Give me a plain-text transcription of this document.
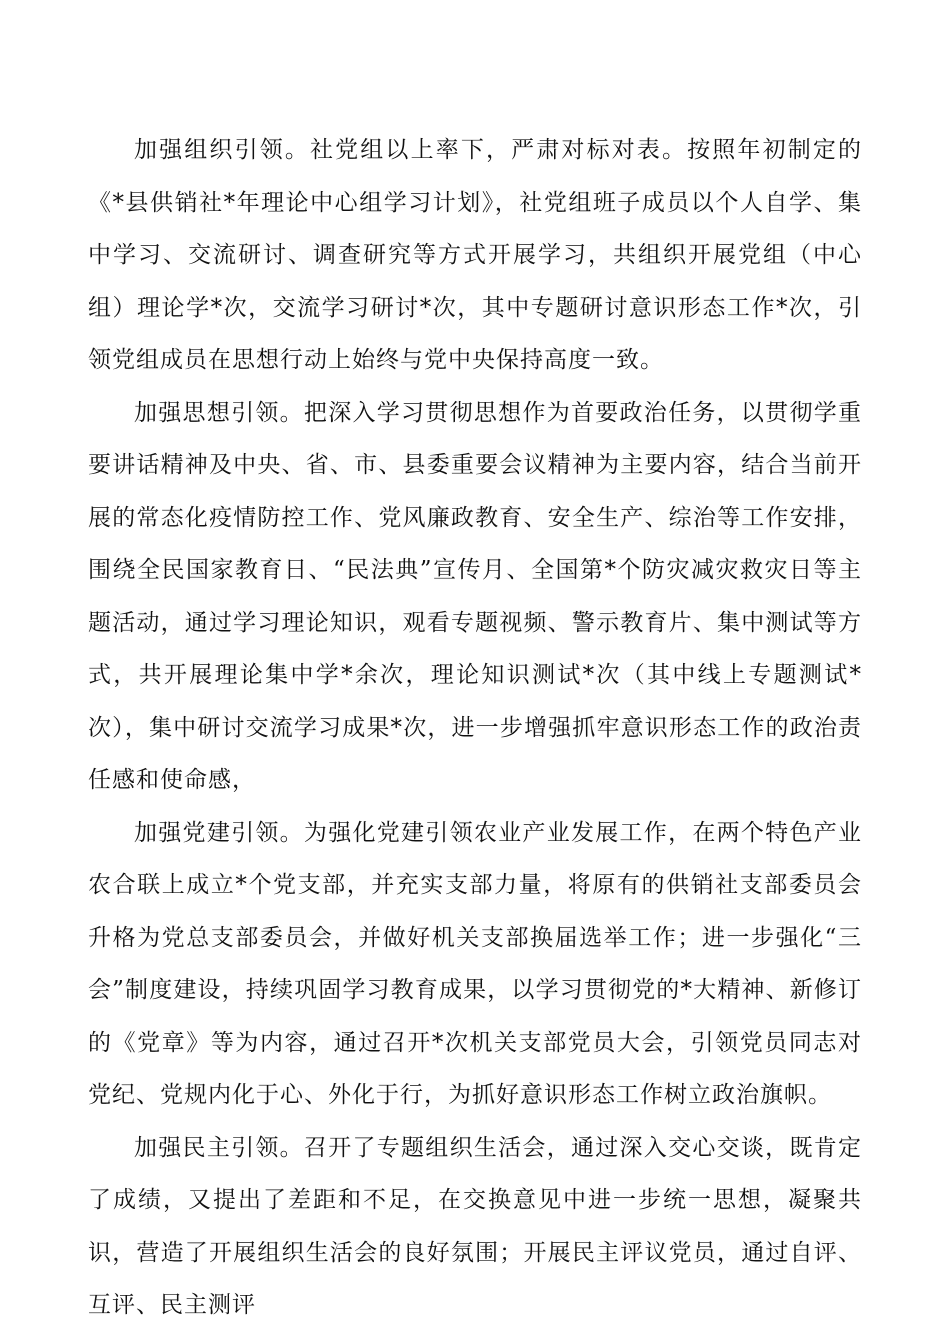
加强组织引领。社党组以上率下，严肃对标对表。按照年初制定的《*县供销社*年理论中心组学习计划》，社党组班子成员以个人自学、集中学习、交流研讨、调查研究等方式开展学习，共组织开展党组（中心组）理论学*次，交流学习研讨*次，其中专题研讨意识形态工作*次，引领党组成员在思想行动上始终与党中央保持高度一致。

加强思想引领。把深入学习贯彻思想作为首要政治任务，以贯彻学重要讲话精神及中央、省、市、县委重要会议精神为主要内容，结合当前开展的常态化疫情防控工作、党风廉政教育、安全生产、综治等工作安排，围绕全民国家教育日、“民法典”宣传月、全国第*个防灾减灾救灾日等主题活动，通过学习理论知识，观看专题视频、警示教育片、集中测试等方式，共开展理论集中学*余次，理论知识测试*次（其中线上专题测试*次），集中研讨交流学习成果*次，进一步增强抓牢意识形态工作的政治责任感和使命感，

加强党建引领。为强化党建引领农业产业发展工作，在两个特色产业农合联上成立*个党支部，并充实支部力量，将原有的供销社支部委员会升格为党总支部委员会，并做好机关支部换届选举工作；进一步强化“三会”制度建设，持续巩固学习教育成果，以学习贯彻党的*大精神、新修订的《党章》等为内容，通过召开*次机关支部党员大会，引领党员同志对党纪、党规内化于心、外化于行，为抓好意识形态工作树立政治旗帜。

加强民主引领。召开了专题组织生活会，通过深入交心交谈，既肯定了成绩，又提出了差距和不足，在交换意见中进一步统一思想，凝聚共识，营造了开展组织生活会的良好氛围；开展民主评议党员，通过自评、互评、民主测评
